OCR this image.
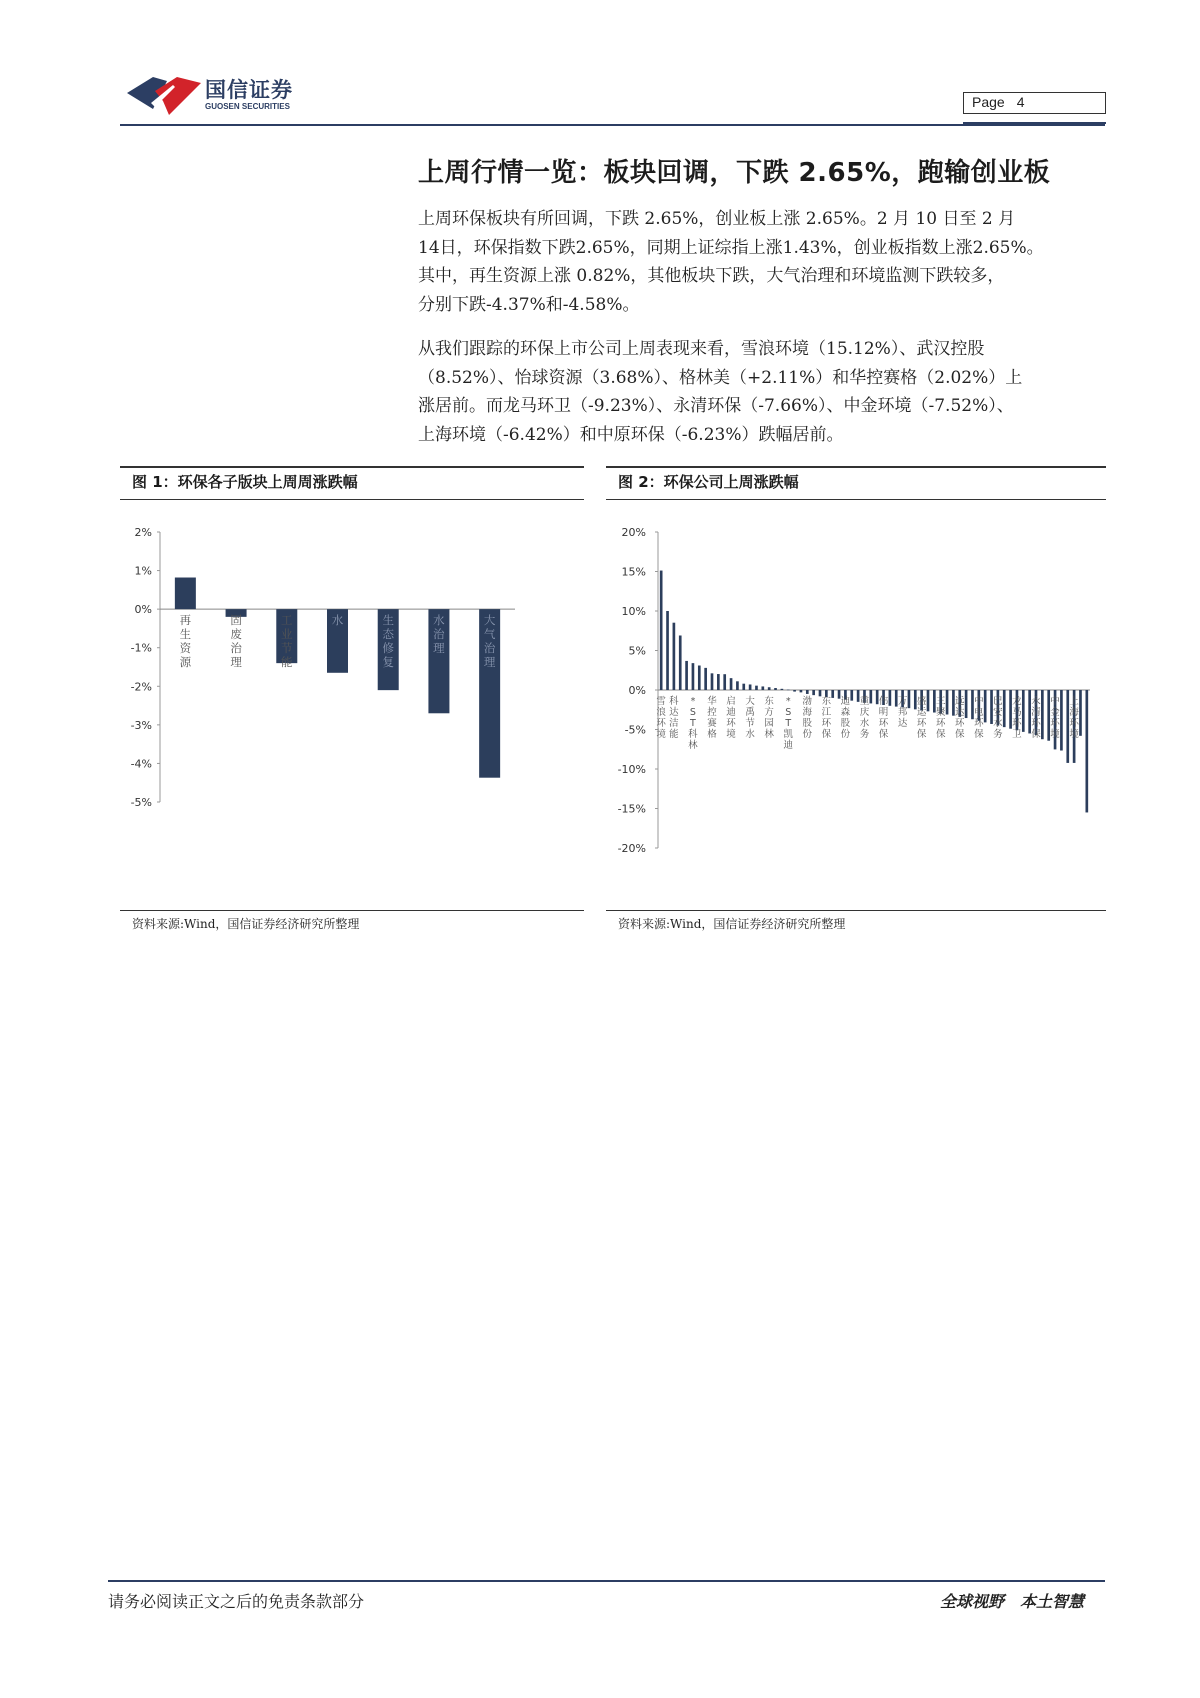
国信证券
GUOSEN SECURITIES	Page 4
上周行情一览：板块回调，下跌 2.65%，跑输创业板
上周环保板块有所回调，下跌 2.65%，创业板上涨 2.65%。2 月 10 日至 2 月
14日，环保指数下跌2.65%，同期上证综指上涨1.43%，创业板指数上涨2.65%。
其中，再生资源上涨 0.82%，其他板块下跌，大气治理和环境监测下跌较多，
分别下跌-4.37%和-4.58%。
从我们跟踪的环保上市公司上周表现来看，雪浪环境（15.12%）、武汉控股
（8.52%）、怡球资源（3.68%）、格林美（+2.11%）和华控赛格（2.02%）上
涨居前。而龙马环卫（-9.23%）、永清环保（-7.66%）、中金环境（-7.52%）、
上海环境（-6.42%）和中原环保（-6.23%）跌幅居前。
图 1：环保各子版块上周周涨跌幅	图 2：环保公司上周涨跌幅
2%
1%
0%
-1%
-2%
-3%
-4%
-5%
再
生
资
源
固
废
治
理
工
业
节
能
水	生
态
修
复
水
治
理
大
气
治
理
20%
15%
10%
5%
0%
-5%
-10%
-15%
-20%
雪
浪
环
境
科
达
洁
能
*
S
T
科
林
华
控
赛
格
启
迪
环
境
大
禹
节
水
东
方
园
林
*
S
T
凯
迪
渤
海
股
份
东
江
环
保
迪
森
股
份
重
庆
水
务
伟
明
环
保
万
邦
达
盛
运
环
保
三
聚
环
保
远
达
环
保
中
电
环
保
巴
安
水
务
龙
马
环
卫
永
清
环
保
中
金
环
境
上
海
环
境
资料来源:Wind，国信证券经济研究所整理	资料来源:Wind，国信证券经济研究所整理
请务必阅读正文之后的免责条款部分	全球视野 本土智慧
